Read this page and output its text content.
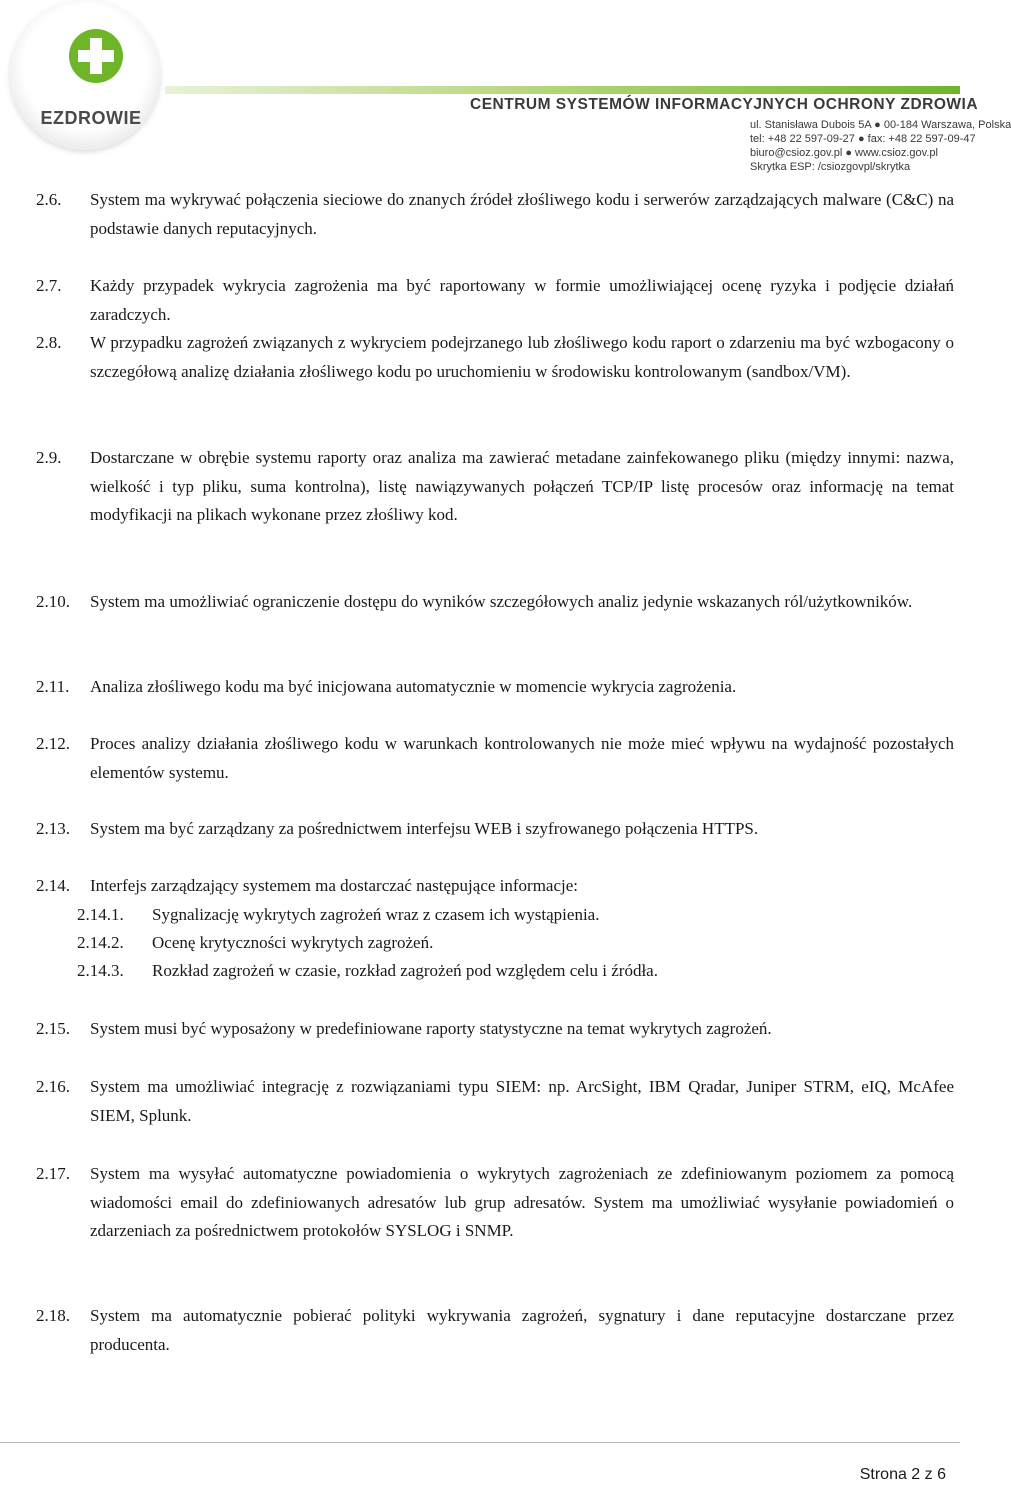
EZDROWIE
CENTRUM SYSTEMÓW INFORMACYJNYCH OCHRONY ZDROWIA
ul. Stanisława Dubois 5A ● 00-184 Warszawa, Polska
tel: +48 22 597-09-27 ● fax: +48 22 597-09-47
biuro@csioz.gov.pl ● www.csioz.gov.pl
Skrytka ESP: /csiozgovpl/skrytka
2.6.	System ma wykrywać połączenia sieciowe do znanych źródeł złośliwego kodu i serwerów zarządzających malware (C&C) na podstawie danych reputacyjnych.
2.7.	Każdy przypadek wykrycia zagrożenia ma być raportowany w formie umożliwiającej ocenę ryzyka i podjęcie działań zaradczych.
2.8.	W przypadku zagrożeń związanych z wykryciem podejrzanego lub złośliwego kodu raport o zdarzeniu ma być wzbogacony o szczegółową analizę działania złośliwego kodu po uruchomieniu w środowisku kontrolowanym (sandbox/VM).
2.9.	Dostarczane w obrębie systemu raporty oraz analiza ma zawierać metadane zainfekowanego pliku (między innymi: nazwa, wielkość i typ pliku, suma kontrolna), listę nawiązywanych połączeń TCP/IP listę procesów oraz informację na temat modyfikacji na plikach wykonane przez złośliwy kod.
2.10.	System ma umożliwiać ograniczenie dostępu do wyników szczegółowych analiz jedynie wskazanych ról/użytkowników.
2.11.	Analiza złośliwego kodu ma być inicjowana automatycznie w momencie wykrycia zagrożenia.
2.12.	Proces analizy działania złośliwego kodu w warunkach kontrolowanych nie może mieć wpływu na wydajność pozostałych elementów systemu.
2.13.	System ma być zarządzany za pośrednictwem interfejsu WEB i szyfrowanego połączenia HTTPS.
2.14.	Interfejs zarządzający systemem ma dostarczać następujące informacje:
2.14.1. Sygnalizację wykrytych zagrożeń wraz z czasem ich wystąpienia.
2.14.2. Ocenę krytyczności wykrytych zagrożeń.
2.14.3. Rozkład zagrożeń w czasie, rozkład zagrożeń pod względem celu i źródła.
2.15.	System musi być wyposażony w predefiniowane raporty statystyczne na temat wykrytych zagrożeń.
2.16.	System ma umożliwiać integrację z rozwiązaniami typu SIEM: np. ArcSight, IBM Qradar, Juniper STRM, eIQ, McAfee SIEM, Splunk.
2.17.	System ma wysyłać automatyczne powiadomienia o wykrytych zagrożeniach ze zdefiniowanym poziomem za pomocą wiadomości email do zdefiniowanych adresatów lub grup adresatów. System ma umożliwiać wysyłanie powiadomień o zdarzeniach za pośrednictwem protokołów SYSLOG i SNMP.
2.18.	System ma automatycznie pobierać polityki wykrywania zagrożeń, sygnatury i dane reputacyjne dostarczane przez producenta.
Strona 2 z 6
